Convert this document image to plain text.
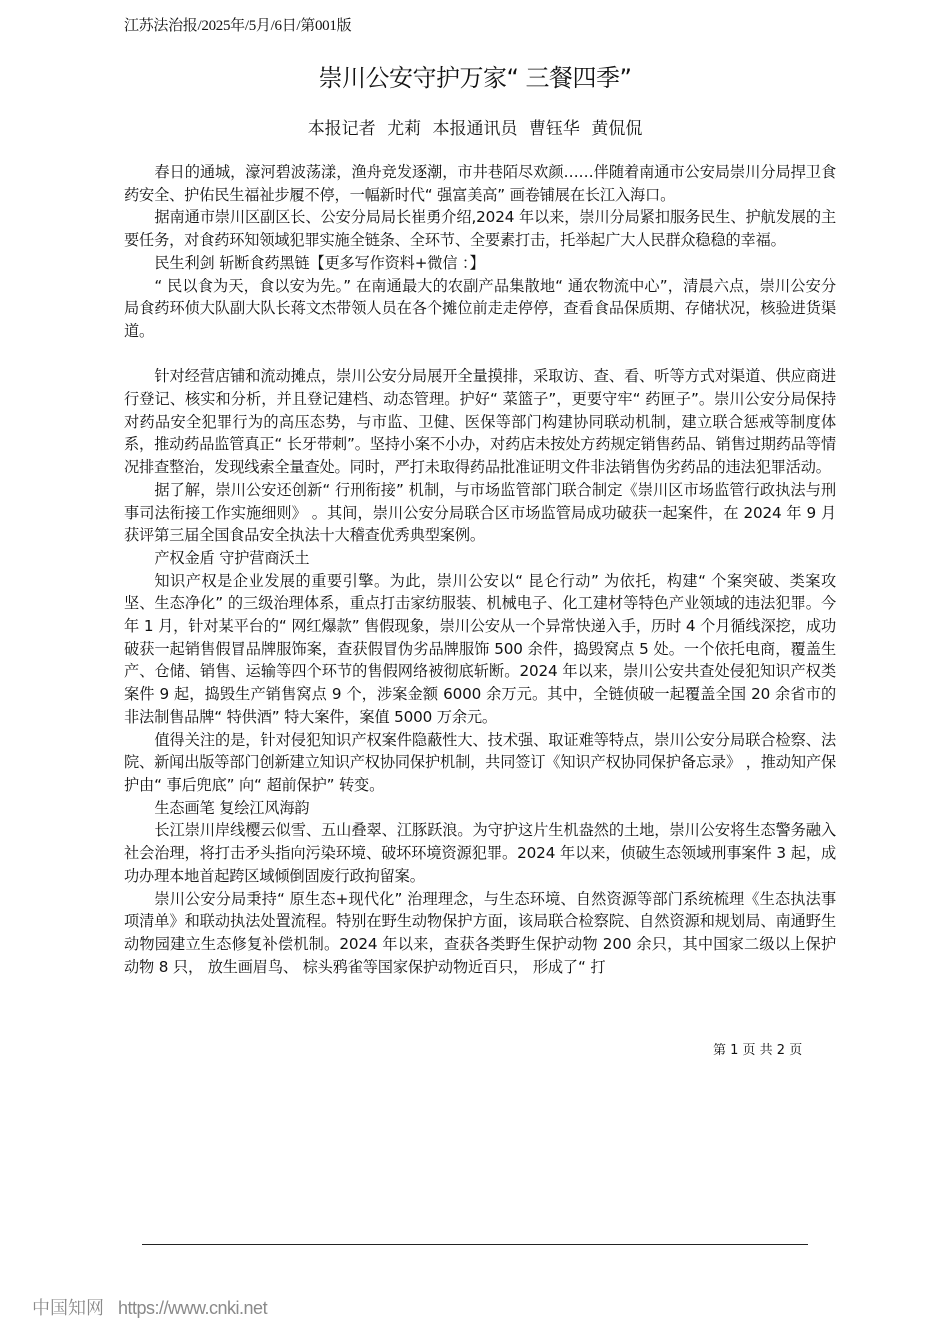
江苏法治报/2025年/5月/6日/第001版
崇川公安守护万家“ 三餐四季”
本报记者 尤莉 本报通讯员 曹钰华 黄侃侃

春日的通城，濠河碧波荡漾，渔舟竞发逐潮，市井巷陌尽欢颜……伴随着南通市公安局崇川分局捍卫食药安全、护佑民生福祉步履不停，一幅新时代“ 强富美高” 画卷铺展在长江入海口。

据南通市崇川区副区长、公安分局局长崔勇介绍,2024 年以来，崇川分局紧扣服务民生、护航发展的主要任务，对食药环知领域犯罪实施全链条、全环节、全要素打击，托举起广大人民群众稳稳的幸福。

民生利剑 斩断食药黑链【更多写作资料+微信 ：】

“ 民以食为天，食以安为先。” 在南通最大的农副产品集散地“ 通农物流中心”，清晨六点，崇川公安分局食药环侦大队副大队长蒋文杰带领人员在各个摊位前走走停停，查看食品保质期、存储状况，核验进货渠道。

针对经营店铺和流动摊点，崇川公安分局展开全量摸排，采取访、查、看、听等方式对渠道、供应商进行登记、核实和分析，并且登记建档、动态管理。护好“ 菜篮子”，更要守牢“ 药匣子”。崇川公安分局保持对药品安全犯罪行为的高压态势，与市监、卫健、医保等部门构建协同联动机制，建立联合惩戒等制度体系，推动药品监管真正“ 长牙带刺”。坚持小案不小办，对药店未按处方药规定销售药品、销售过期药品等情况排查整治，发现线索全量查处。同时，严打未取得药品批准证明文件非法销售伪劣药品的违法犯罪活动。

据了解，崇川公安还创新“ 行刑衔接” 机制，与市场监管部门联合制定《崇川区市场监管行政执法与刑事司法衔接工作实施细则》 。其间，崇川公安分局联合区市场监管局成功破获一起案件，在 2024 年 9 月获评第三届全国食品安全执法十大稽查优秀典型案例。

产权金盾 守护营商沃土

知识产权是企业发展的重要引擎。为此，崇川公安以“ 昆仑行动” 为依托，构建“ 个案突破、类案攻坚、生态净化” 的三级治理体系，重点打击家纺服装、机械电子、化工建材等特色产业领域的违法犯罪。今年 1 月，针对某平台的“ 网红爆款” 售假现象，崇川公安从一个异常快递入手，历时 4 个月循线深挖，成功破获一起销售假冒品牌服饰案，查获假冒伪劣品牌服饰 500 余件，捣毁窝点 5 处。一个依托电商，覆盖生产、仓储、销售、运输等四个环节的售假网络被彻底斩断。2024 年以来，崇川公安共查处侵犯知识产权类案件 9 起，捣毁生产销售窝点 9 个，涉案金额 6000 余万元。其中，全链侦破一起覆盖全国 20 余省市的非法制售品牌“ 特供酒” 特大案件，案值 5000 万余元。

值得关注的是，针对侵犯知识产权案件隐蔽性大、技术强、取证难等特点，崇川公安分局联合检察、法院、新闻出版等部门创新建立知识产权协同保护机制，共同签订《知识产权协同保护备忘录》 ，推动知产保护由“ 事后兜底” 向“ 超前保护” 转变。

生态画笔 复绘江风海韵

长江崇川岸线樱云似雪、五山叠翠、江豚跃浪。为守护这片生机盎然的土地，崇川公安将生态警务融入社会治理，将打击矛头指向污染环境、破坏环境资源犯罪。2024 年以来，侦破生态领域刑事案件 3 起，成功办理本地首起跨区域倾倒固废行政拘留案。

崇川公安分局秉持“ 原生态+现代化” 治理理念，与生态环境、自然资源等部门系统梳理《生态执法事项清单》和联动执法处置流程。特别在野生动物保护方面，该局联合检察院、自然资源和规划局、南通野生动物园建立生态修复补偿机制。2024 年以来，查获各类野生保护动物 200 余只，其中国家二级以上保护动物 8 只， 放生画眉鸟、 棕头鸦雀等国家保护动物近百只， 形成了“ 打

第 1 页 共 2 页
中国知网 https://www.cnki.net
